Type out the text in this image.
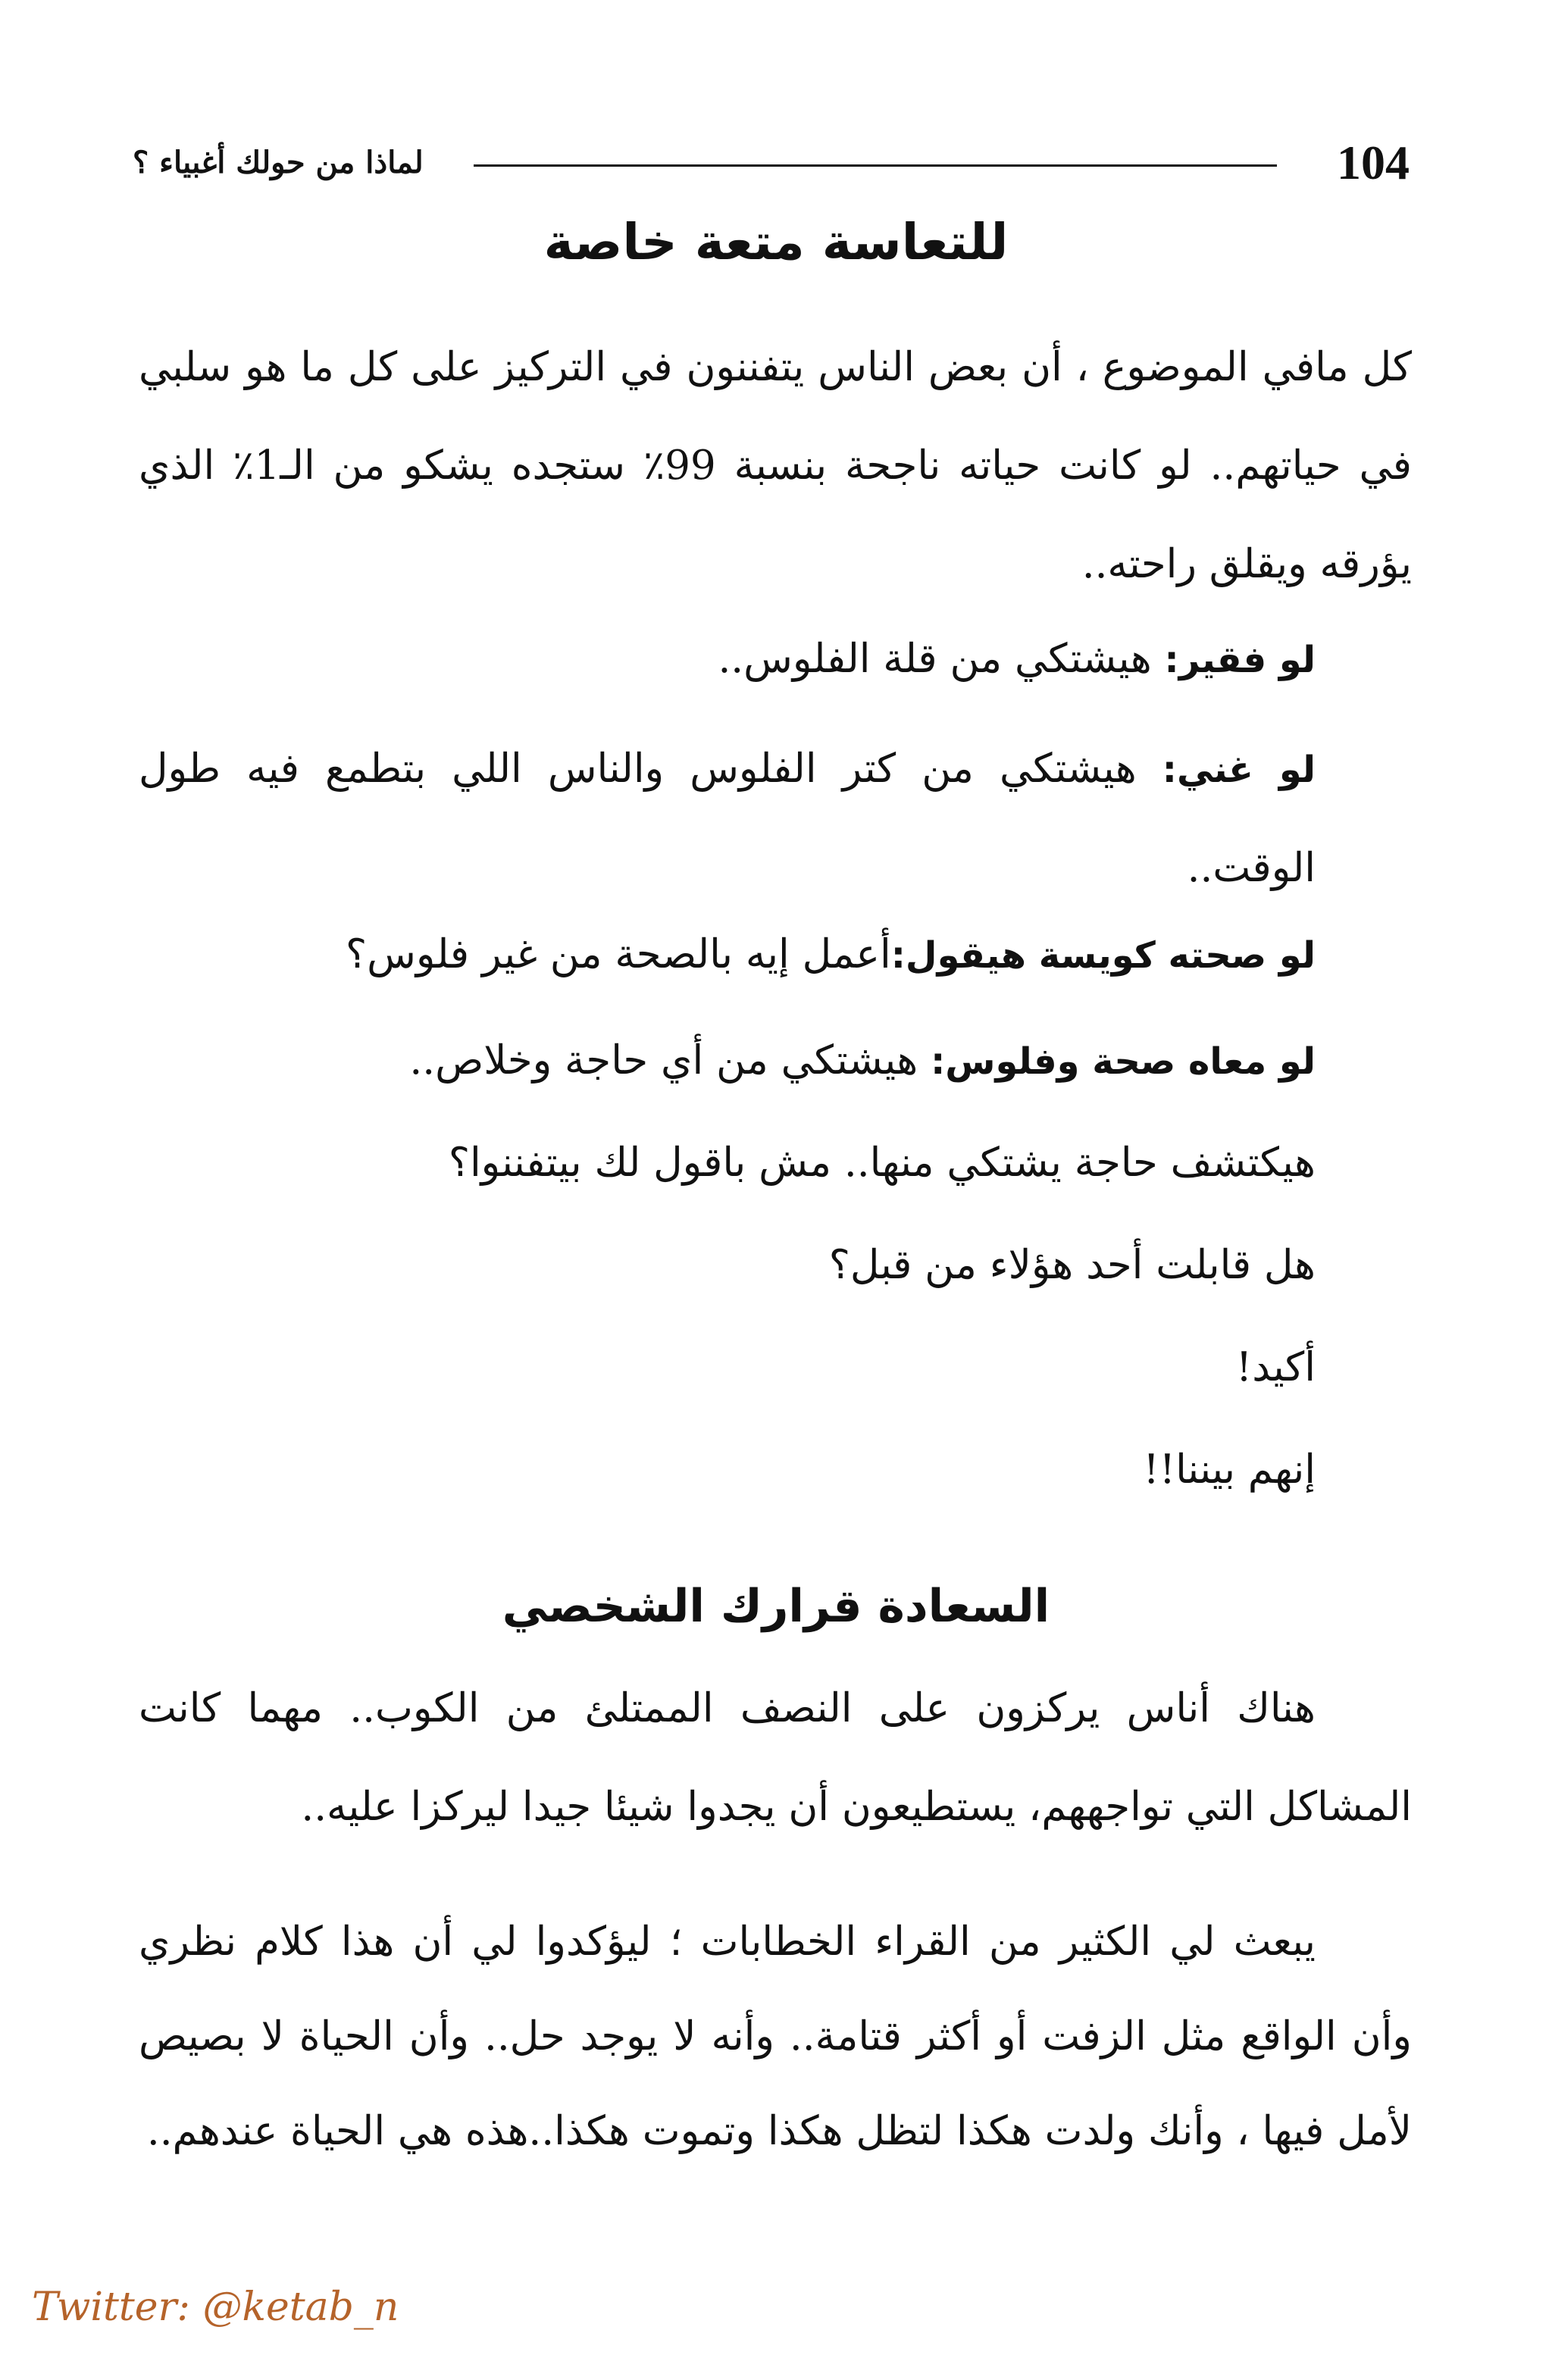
لماذا من حولك أغبياء ؟	104
للتعاسة متعة خاصة

كل مافي الموضوع ، أن بعض الناس يتفننون في التركيز على كل ما هو سلبي في حياتهم.. لو كانت حياته ناجحة بنسبة 99٪ ستجده يشكو من الـ1٪ الذي يؤرقه ويقلق راحته..

لو فقير: هيشتكي من قلة الفلوس..

لو غني: هيشتكي من كتر الفلوس والناس اللي بتطمع فيه طول الوقت..

لو صحته كويسة هيقول:أعمل إيه بالصحة من غير فلوس؟
لو معاه صحة وفلوس: هيشتكي من أي حاجة وخلاص..
هيكتشف حاجة يشتكي منها.. مش باقول لك بيتفننوا؟
هل قابلت أحد هؤلاء من قبل؟
أكيد!
إنهم بيننا!!
السعادة قرارك الشخصي

هناك أناس يركزون على النصف الممتلئ من الكوب.. مهما كانت المشاكل التي تواجههم، يستطيعون أن يجدوا شيئا جيدا ليركزا عليه..

يبعث لي الكثير من القراء الخطابات ؛ ليؤكدوا لي أن هذا كلام نظري وأن الواقع مثل الزفت أو أكثر قتامة.. وأنه لا يوجد حل.. وأن الحياة لا بصيص لأمل فيها ، وأنك ولدت هكذا لتظل هكذا وتموت هكذا..هذه هي الحياة عندهم..

Twitter: @ketab_n
